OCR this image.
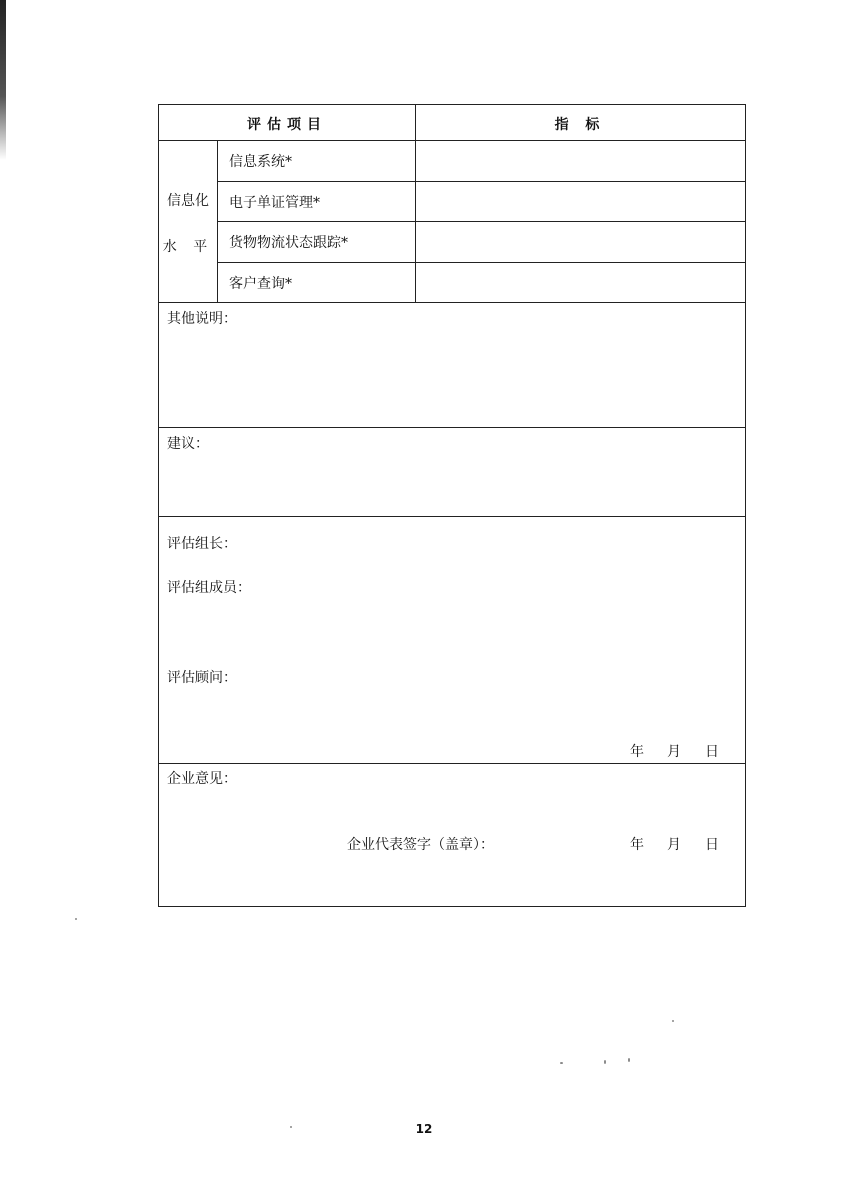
评估项目	指 标
信息化
水 平
信息系统*
电子单证管理*
货物物流状态跟踪*
客户查询*
其他说明：
建议：
评估组长：
评估组成员：
评估顾问：
年 月 日
企业意见：
企业代表签字（盖章）：	年 月 日
12
